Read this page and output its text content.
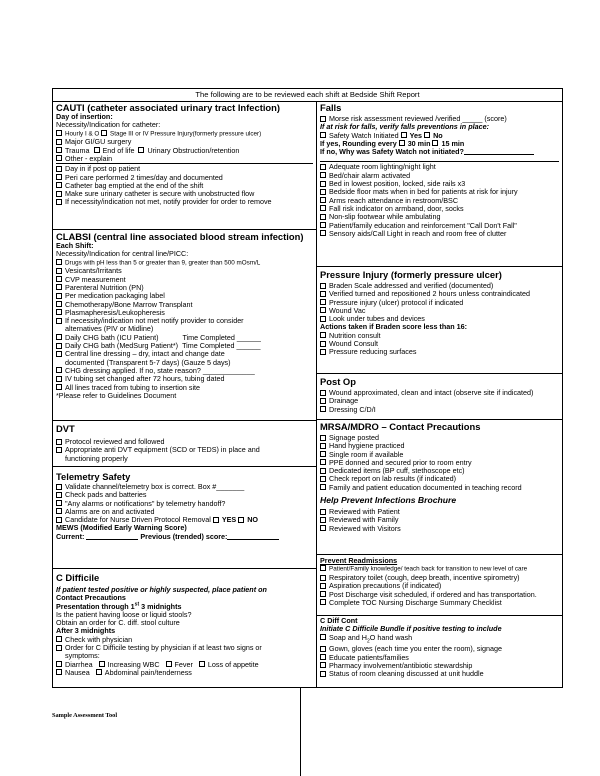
The following are to be reviewed each shift at Bedside Shift Report
CAUTI (catheter associated urinary tract Infection)
Day of insertion:
Necessity/Indication for catheter:
Hourly I & O Stage III or IV Pressure Injury(formerly pressure ulcer)
Major GI/GU surgery
Trauma End of life Urinary Obstruction/retention
Other - explain
Day in if post op patient
Peri care performed 2 times/day and documented
Catheter bag emptied at the end of the shift
Make sure urinary catheter is secure with unobstructed flow
If necessity/indication not met, notify provider for order to remove
CLABSI (central line associated blood stream infection)
Each Shift:
Necessity/Indication for central line/PICC:
Drugs with pH less than 5 or greater than 9, greater than 500 mOsm/L
Vesicants/Irritants
CVP measurement
Parenteral Nutrition (PN)
Per medication packaging label
Chemotherapy/Bone Marrow Transplant
Plasmapheresis/Leukopheresis
If necessity/indication not met notify provider to consider
alternatives (PIV or Midline)
Daily CHG bath (ICU Patient)	Time Completed ______
Daily CHG bath (MedSurg Patient*) Time Completed ______
Central line dressing – dry, intact and change date
documented (Transparent 5-7 days) (Gauze 5 days)
CHG dressing applied. If no, state reason? _____________
IV tubing set changed after 72 hours, tubing dated
All lines traced from tubing to insertion site
*Please refer to Guidelines Document
DVT
Protocol reviewed and followed
Appropriate anti DVT equipment (SCD or TEDS) in place and
functioning properly
Telemetry Safety
Validate channel/telemetry box is correct. Box #_______
Check pads and batteries
"Any alarms or notifications" by telemetry handoff?
Alarms are on and activated
Candidate for Nurse Driven Protocol Removal YES NO
MEWS (Modified Early Warning Score)
Current:	Previous (trended) score:
C Difficile
If patient tested positive or highly suspected, place patient on
Contact Precautions
Presentation through 1st 3 midnights
Is the patient having loose or liquid stools?
Obtain an order for C. diff. stool culture
After 3 midnights
Check with physician
Order for C Difficile testing by physician if at least two signs or
symptoms:
Diarrhea Increasing WBC Fever Loss of appetite
Nausea Abdominal pain/tenderness
Falls
Morse risk assessment reviewed /verified _____ (score)
If at risk for falls, verify falls preventions in place:
Safety Watch Initiated Yes No
If yes, Rounding every 30 min 15 min
If no, Why was Safety Watch not initiated?
Adequate room lighting/night light
Bed/chair alarm activated
Bed in lowest position, locked, side rails x3
Bedside floor mats when in bed for patients at risk for injury
Arms reach attendance in restroom/BSC
Fall risk indicator on armband, door, socks
Non-slip footwear while ambulating
Patient/family education and reinforcement "Call Don't Fall"
Sensory aids/Call Light in reach and room free of clutter
Pressure Injury (formerly pressure ulcer)
Braden Scale addressed and verified (documented)
Verified turned and repositioned 2 hours unless contraindicated
Pressure injury (ulcer) protocol if indicated
Wound Vac
Look under tubes and devices
Actions taken if Braden score less than 16:
Nutrition consult
Wound Consult
Pressure reducing surfaces
Post Op
Wound approximated, clean and intact (observe site if indicated)
Drainage
Dressing C/D/I
MRSA/MDRO – Contact Precautions
Signage posted
Hand hygiene practiced
Single room if available
PPE donned and secured prior to room entry
Dedicated items (BP cuff, stethoscope etc)
Check report on lab results (if indicated)
Family and patient education documented in teaching record
Help Prevent Infections Brochure
Reviewed with Patient
Reviewed with Family
Reviewed with Visitors
Prevent Readmissions
Patient/Family knowledge/ teach back for transition to new level of care
Respiratory toilet (cough, deep breath, incentive spirometry)
Aspiration precautions (if indicated)
Post Discharge visit scheduled, if ordered and has transportation.
Complete TOC Nursing Discharge Summary Checklist
C Diff Cont
Initiate C Difficile Bundle if positive testing to include
Soap and $H_2O$ hand wash
Gown, gloves (each time you enter the room), signage
Educate patients/families
Pharmacy involvement/antibiotic stewardship
Status of room cleaning discussed at unit huddle
Sample Assessment Tool
